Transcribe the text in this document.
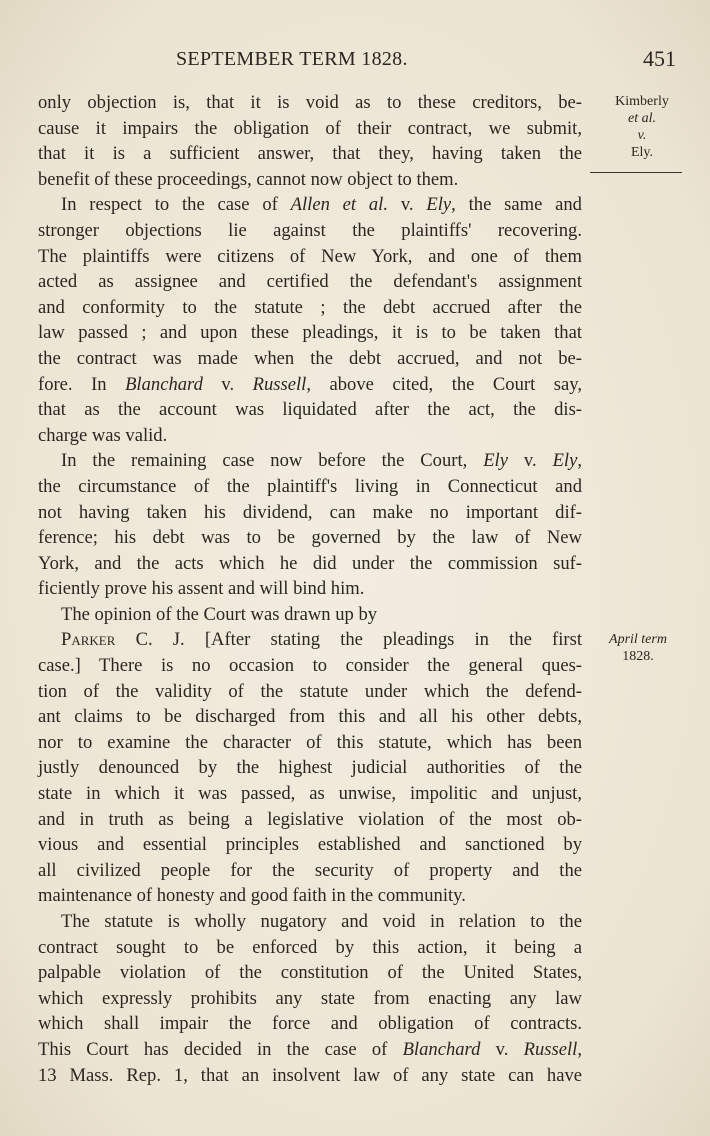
SEPTEMBER TERM 1828.	451
Kimberly
et al.
v.
Ely.
April term
1828.
only objection is, that it is void as to these creditors, be-
cause it impairs the obligation of their contract, we submit,
that it is a sufficient answer, that they, having taken the
benefit of these proceedings, cannot now object to them.
In respect to the case of Allen et al. v. Ely, the same and
stronger objections lie against the plaintiffs' recovering.
The plaintiffs were citizens of New York, and one of them
acted as assignee and certified the defendant's assignment
and conformity to the statute ; the debt accrued after the
law passed ; and upon these pleadings, it is to be taken that
the contract was made when the debt accrued, and not be-
fore. In Blanchard v. Russell, above cited, the Court say,
that as the account was liquidated after the act, the dis-
charge was valid.
In the remaining case now before the Court, Ely v. Ely,
the circumstance of the plaintiff's living in Connecticut and
not having taken his dividend, can make no important dif-
ference; his debt was to be governed by the law of New
York, and the acts which he did under the commission suf-
ficiently prove his assent and will bind him.
The opinion of the Court was drawn up by
Parker C. J. [After stating the pleadings in the first
case.] There is no occasion to consider the general ques-
tion of the validity of the statute under which the defend-
ant claims to be discharged from this and all his other debts,
nor to examine the character of this statute, which has been
justly denounced by the highest judicial authorities of the
state in which it was passed, as unwise, impolitic and unjust,
and in truth as being a legislative violation of the most ob-
vious and essential principles established and sanctioned by
all civilized people for the security of property and the
maintenance of honesty and good faith in the community.
The statute is wholly nugatory and void in relation to the
contract sought to be enforced by this action, it being a
palpable violation of the constitution of the United States,
which expressly prohibits any state from enacting any law
which shall impair the force and obligation of contracts.
This Court has decided in the case of Blanchard v. Russell,
13 Mass. Rep. 1, that an insolvent law of any state can have
